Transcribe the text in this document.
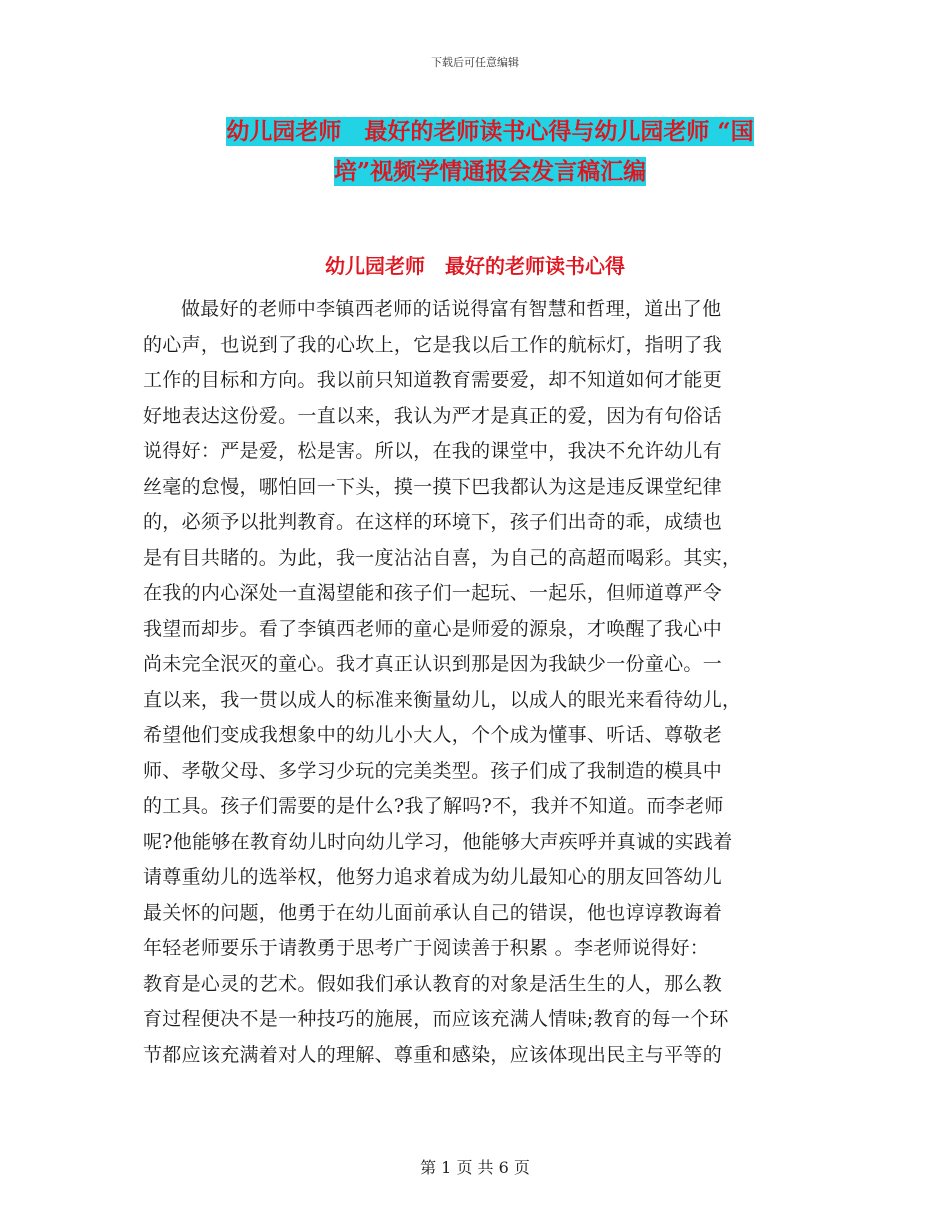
下载后可任意编辑
幼儿园老师　最好的老师读书心得与幼儿园老师 “国
培”视频学情通报会发言稿汇编
幼儿园老师　最好的老师读书心得
做最好的老师中李镇西老师的话说得富有智慧和哲理，道出了他
的心声，也说到了我的心坎上，它是我以后工作的航标灯，指明了我
工作的目标和方向。我以前只知道教育需要爱，却不知道如何才能更
好地表达这份爱。一直以来，我认为严才是真正的爱，因为有句俗话
说得好：严是爱，松是害。所以，在我的课堂中，我决不允许幼儿有
丝毫的怠慢，哪怕回一下头，摸一摸下巴我都认为这是违反课堂纪律
的，必须予以批判教育。在这样的环境下，孩子们出奇的乖，成绩也
是有目共睹的。为此，我一度沾沾自喜，为自己的高超而喝彩。其实，
在我的内心深处一直渴望能和孩子们一起玩、一起乐，但师道尊严令
我望而却步。看了李镇西老师的童心是师爱的源泉，才唤醒了我心中
尚未完全泯灭的童心。我才真正认识到那是因为我缺少一份童心。一
直以来，我一贯以成人的标准来衡量幼儿，以成人的眼光来看待幼儿，
希望他们变成我想象中的幼儿小大人，个个成为懂事、听话、尊敬老
师、孝敬父母、多学习少玩的完美类型。孩子们成了我制造的模具中
的工具。孩子们需要的是什么?我了解吗?不，我并不知道。而李老师
呢?他能够在教育幼儿时向幼儿学习，他能够大声疾呼并真诚的实践着
请尊重幼儿的选举权，他努力追求着成为幼儿最知心的朋友回答幼儿
最关怀的问题，他勇于在幼儿面前承认自己的错误，他也谆谆教诲着
年轻老师要乐于请教勇于思考广于阅读善于积累 。李老师说得好：
教育是心灵的艺术。假如我们承认教育的对象是活生生的人，那么教
育过程便决不是一种技巧的施展，而应该充满人情味;教育的每一个环
节都应该充满着对人的理解、尊重和感染，应该体现出民主与平等的
第 1 页 共 6 页
